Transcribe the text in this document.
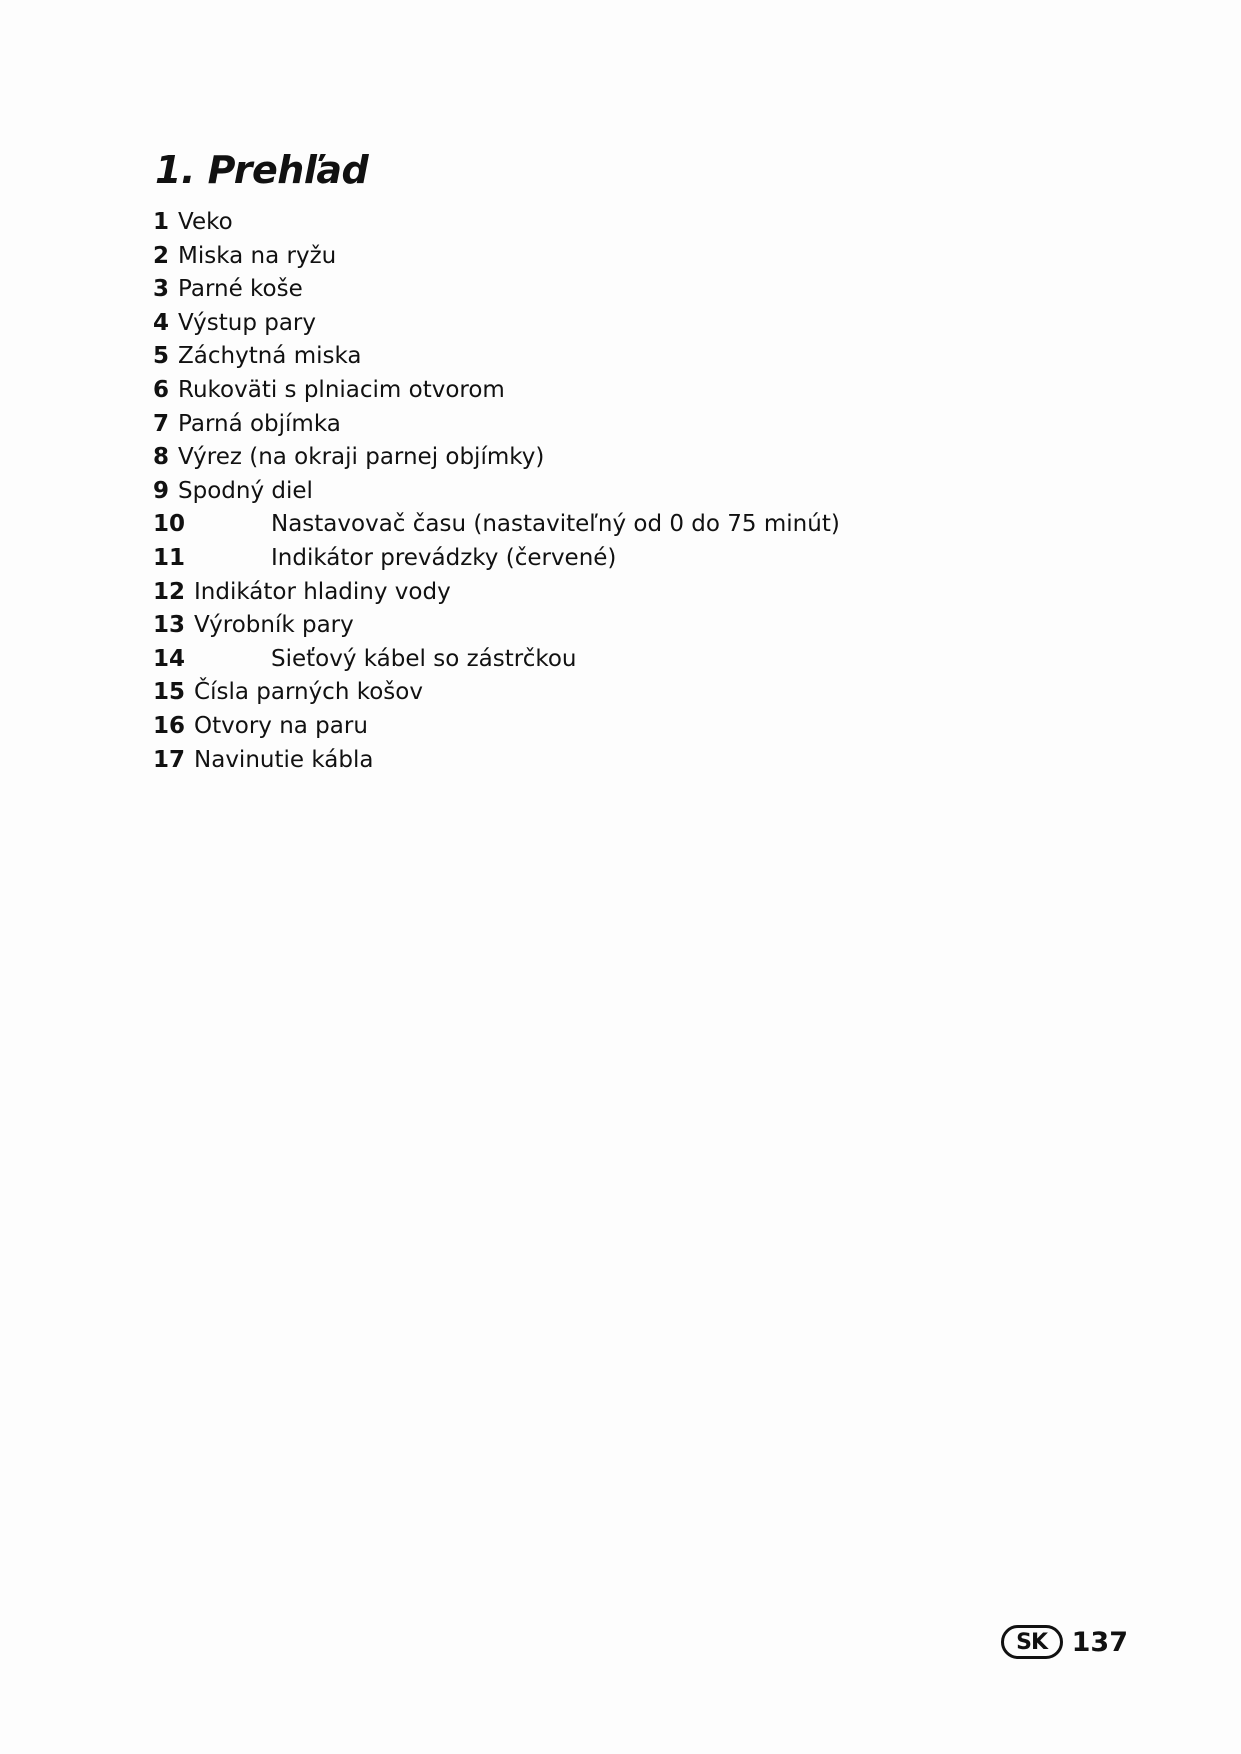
1. Prehľad
1 Veko
2 Miska na ryžu
3 Parné koše
4 Výstup pary
5 Záchytná miska
6 Rukoväti s plniacim otvorom
7 Parná objímka
8 Výrez (na okraji parnej objímky)
9 Spodný diel
10	Nastavovač času (nastaviteľný od 0 do 75 minút)
11	Indikátor prevádzky (červené)
12 Indikátor hladiny vody
13 Výrobník pary
14	Sieťový kábel so zástrčkou
15 Čísla parných košov
16 Otvory na paru
17 Navinutie kábla
SK 137
